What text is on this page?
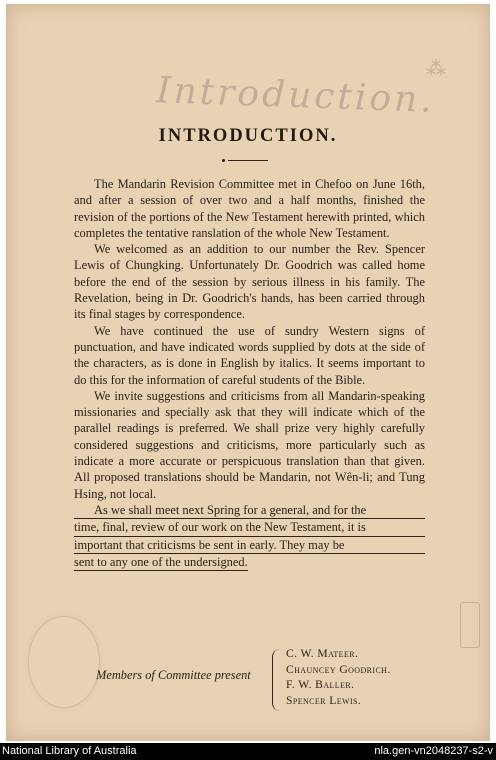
Introduction.
⁂
INTRODUCTION.

The Mandarin Revision Committee met in Chefoo on June 16th, and after a session of over two and a half months, finished the revision of the portions of the New Testament herewith printed, which completes the tentative ranslation of the whole New Testament.

We welcomed as an addition to our number the Rev. Spencer Lewis of Chungking. Unfortunately Dr. Goodrich was called home before the end of the session by serious illness in his family. The Revelation, being in Dr. Goodrich's hands, has been carried through its final stages by correspondence.

We have continued the use of sundry Western signs of punctuation, and have indicated words supplied by dots at the side of the characters, as is done in English by italics. It seems important to do this for the information of careful students of the Bible.

We invite suggestions and criticisms from all Mandarin-speaking missionaries and specially ask that they will indicate which of the parallel readings is preferred. We shall prize very highly carefully considered suggestions and criticisms, more particularly such as indicate a more accurate or perspicuous translation than that given. All proposed translations should be Mandarin, not Wên-li; and Tung Hsing, not local.

As we shall meet next Spring for a general, and for the
time, final, review of our work on the New Testament, it is
important that criticisms be sent in early. They may be
sent to any one of the undersigned.

Members of Committee present
C. W. Mateer.
Chauncey Goodrich.
F. W. Baller.
Spencer Lewis.
National Library of Australia	nla.gen-vn2048237-s2-v
